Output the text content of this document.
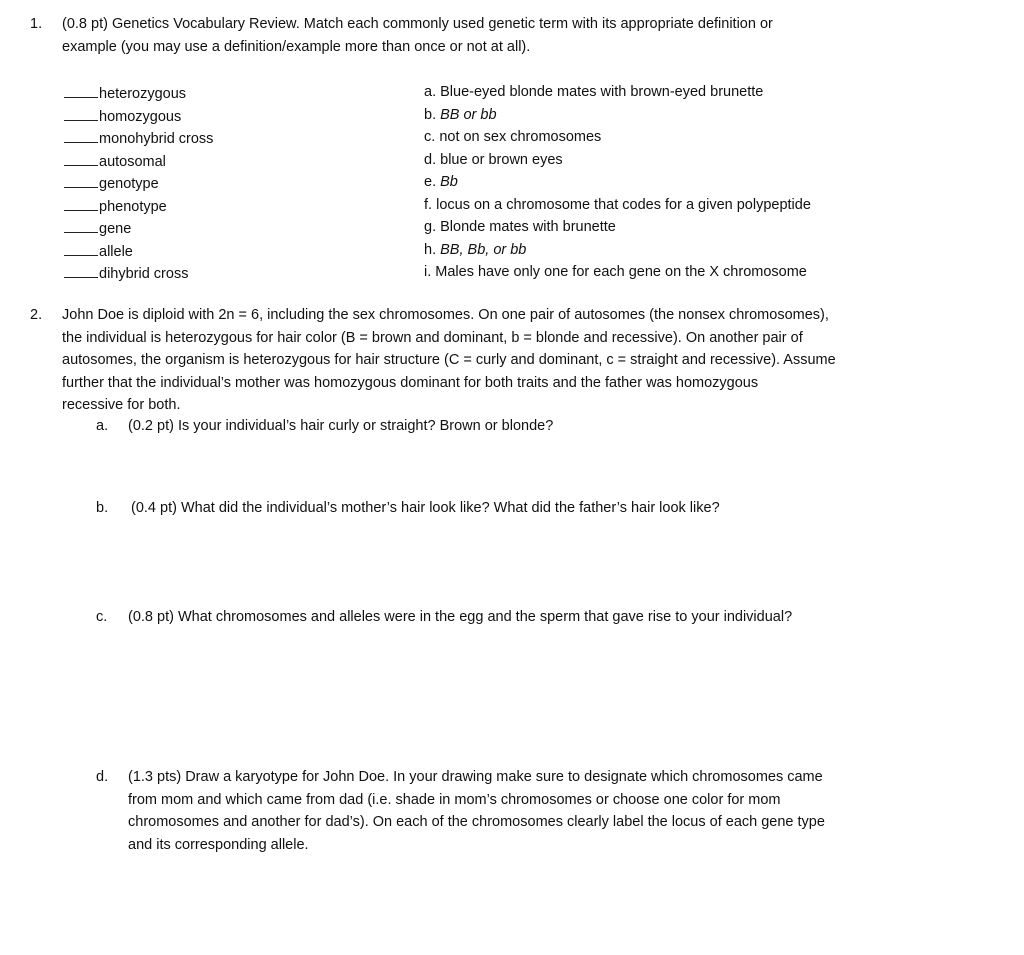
1. (0.8 pt) Genetics Vocabulary Review. Match each commonly used genetic term with its appropriate definition or
example (you may use a definition/example more than once or not at all).
heterozygous
homozygous
monohybrid cross
autosomal
genotype
phenotype
gene
allele
dihybrid cross
a. Blue-eyed blonde mates with brown-eyed brunette
b. BB or bb
c. not on sex chromosomes
d. blue or brown eyes
e. Bb
f. locus on a chromosome that codes for a given polypeptide
g. Blonde mates with brunette
h. BB, Bb, or bb
i. Males have only one for each gene on the X chromosome
2. John Doe is diploid with 2n = 6, including the sex chromosomes. On one pair of autosomes (the nonsex chromosomes),
the individual is heterozygous for hair color (B = brown and dominant, b = blonde and recessive). On another pair of
autosomes, the organism is heterozygous for hair structure (C = curly and dominant, c = straight and recessive). Assume
further that the individual’s mother was homozygous dominant for both traits and the father was homozygous
recessive for both.
a. (0.2 pt) Is your individual’s hair curly or straight? Brown or blonde?
b. (0.4 pt) What did the individual’s mother’s hair look like? What did the father’s hair look like?
c. (0.8 pt) What chromosomes and alleles were in the egg and the sperm that gave rise to your individual?
d. (1.3 pts) Draw a karyotype for John Doe. In your drawing make sure to designate which chromosomes came
from mom and which came from dad (i.e. shade in mom’s chromosomes or choose one color for mom
chromosomes and another for dad’s). On each of the chromosomes clearly label the locus of each gene type
and its corresponding allele.
